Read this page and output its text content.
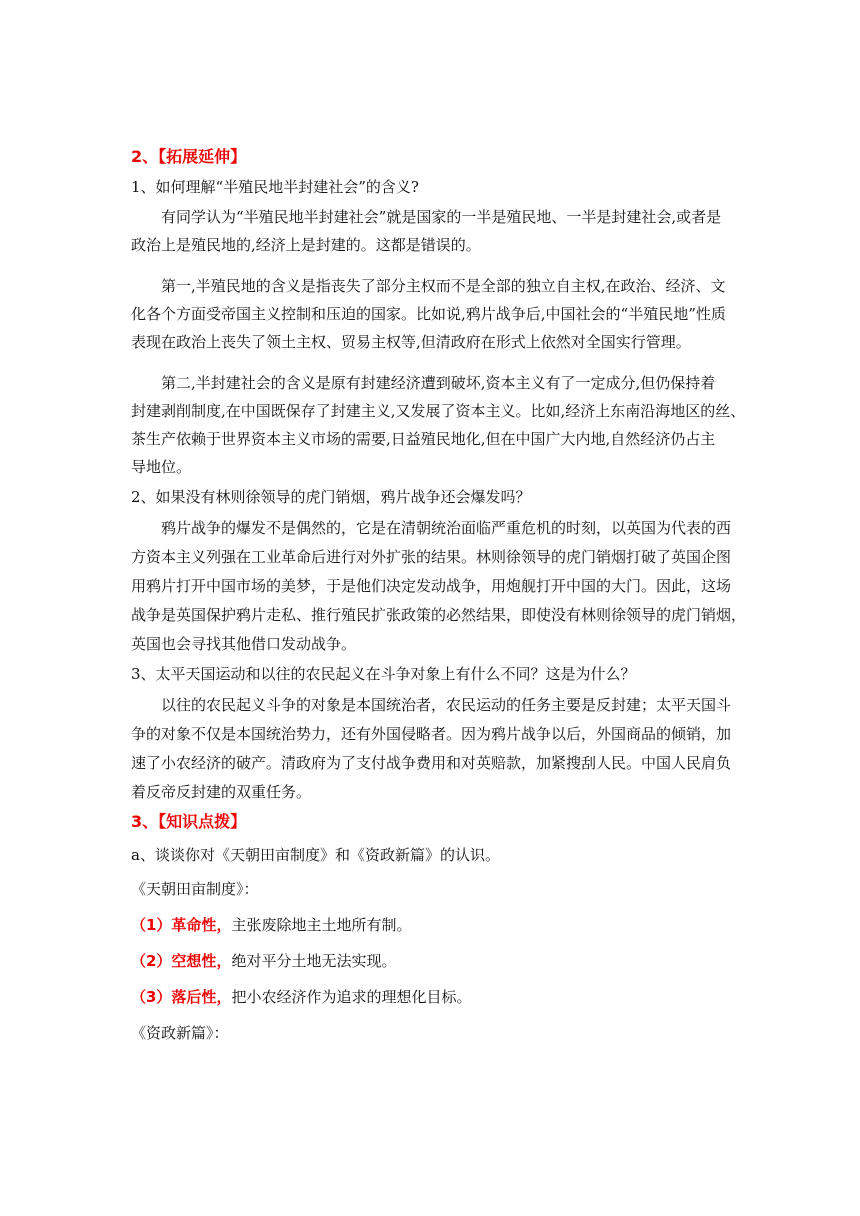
2、【拓展延伸】
1、如何理解“半殖民地半封建社会”的含义?
有同学认为“半殖民地半封建社会”就是国家的一半是殖民地、一半是封建社会,或者是
政治上是殖民地的,经济上是封建的。这都是错误的。
第一,半殖民地的含义是指丧失了部分主权而不是全部的独立自主权,在政治、经济、文
化各个方面受帝国主义控制和压迫的国家。比如说,鸦片战争后,中国社会的“半殖民地”性质
表现在政治上丧失了领土主权、贸易主权等,但清政府在形式上依然对全国实行管理。
第二,半封建社会的含义是原有封建经济遭到破坏,资本主义有了一定成分,但仍保持着
封建剥削制度,在中国既保存了封建主义,又发展了资本主义。比如,经济上东南沿海地区的丝、
茶生产依赖于世界资本主义市场的需要,日益殖民地化,但在中国广大内地,自然经济仍占主
导地位。
2、如果没有林则徐领导的虎门销烟，鸦片战争还会爆发吗？
鸦片战争的爆发不是偶然的，它是在清朝统治面临严重危机的时刻，以英国为代表的西
方资本主义列强在工业革命后进行对外扩张的结果。林则徐领导的虎门销烟打破了英国企图
用鸦片打开中国市场的美梦，于是他们决定发动战争，用炮舰打开中国的大门。因此，这场
战争是英国保护鸦片走私、推行殖民扩张政策的必然结果，即使没有林则徐领导的虎门销烟，
英国也会寻找其他借口发动战争。
3、太平天国运动和以往的农民起义在斗争对象上有什么不同？这是为什么？
以往的农民起义斗争的对象是本国统治者，农民运动的任务主要是反封建；太平天国斗
争的对象不仅是本国统治势力，还有外国侵略者。因为鸦片战争以后，外国商品的倾销，加
速了小农经济的破产。清政府为了支付战争费用和对英赔款，加紧搜刮人民。中国人民肩负
着反帝反封建的双重任务。
3、【知识点拨】
a、谈谈你对《天朝田亩制度》和《资政新篇》的认识。
《天朝田亩制度》：
（1）革命性，主张废除地主土地所有制。
（2）空想性，绝对平分土地无法实现。
（3）落后性，把小农经济作为追求的理想化目标。
《资政新篇》：
